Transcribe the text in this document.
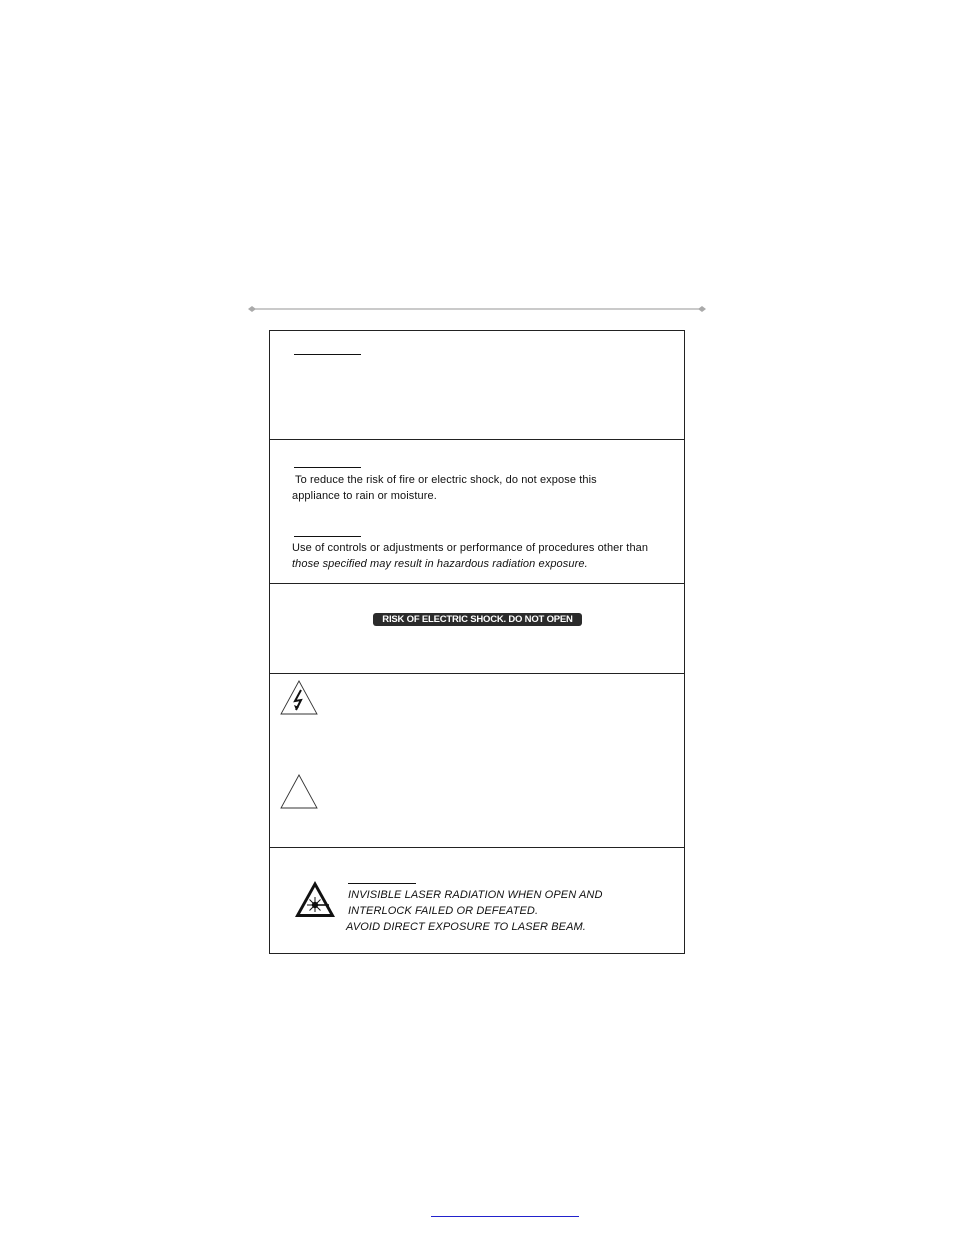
To reduce the risk of fire or electric shock, do not expose this
appliance to rain or moisture.
Use of controls or adjustments or performance of procedures other than
those specified may result in hazardous radiation exposure.
RISK OF ELECTRIC SHOCK. DO NOT OPEN
INVISIBLE LASER RADIATION WHEN OPEN AND
INTERLOCK FAILED OR DEFEATED.
AVOID DIRECT EXPOSURE TO LASER BEAM.
